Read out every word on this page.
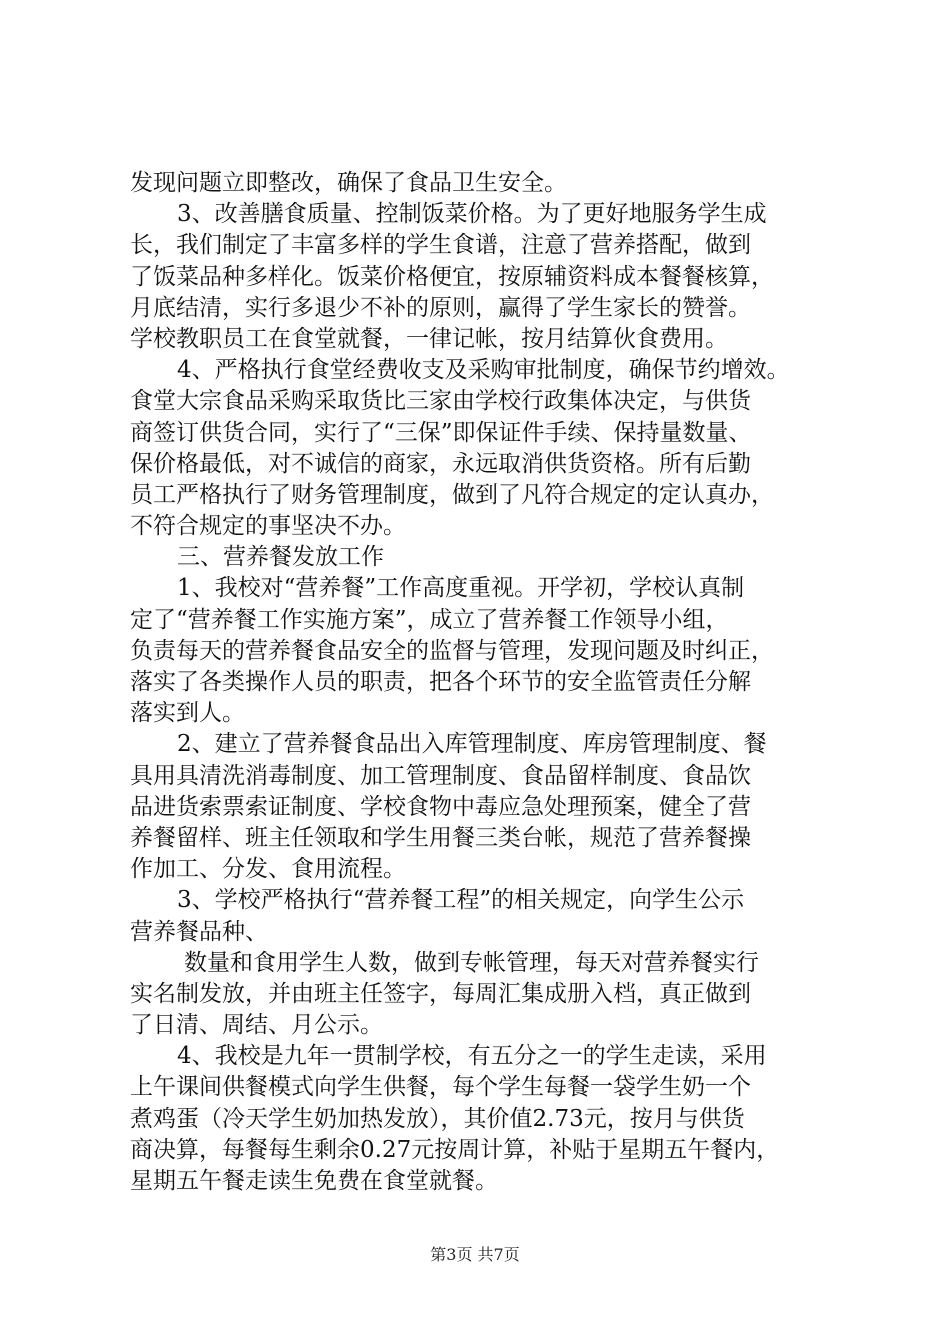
发现问题立即整改，确保了食品卫生安全。
3、改善膳食质量、控制饭菜价格。为了更好地服务学生成
长，我们制定了丰富多样的学生食谱，注意了营养搭配，做到
了饭菜品种多样化。饭菜价格便宜，按原辅资料成本餐餐核算，
月底结清，实行多退少不补的原则，赢得了学生家长的赞誉。
学校教职员工在食堂就餐，一律记帐，按月结算伙食费用。
4、严格执行食堂经费收支及采购审批制度，确保节约增效。
食堂大宗食品采购采取货比三家由学校行政集体决定，与供货
商签订供货合同，实行了“三保”即保证件手续、保持量数量、
保价格最低，对不诚信的商家，永远取消供货资格。所有后勤
员工严格执行了财务管理制度，做到了凡符合规定的定认真办，
不符合规定的事坚决不办。
三、营养餐发放工作
1、我校对“营养餐”工作高度重视。开学初，学校认真制
定了“营养餐工作实施方案”，成立了营养餐工作领导小组，
负责每天的营养餐食品安全的监督与管理，发现问题及时纠正，
落实了各类操作人员的职责，把各个环节的安全监管责任分解
落实到人。
2、建立了营养餐食品出入库管理制度、库房管理制度、餐
具用具清洗消毒制度、加工管理制度、食品留样制度、食品饮
品进货索票索证制度、学校食物中毒应急处理预案，健全了营
养餐留样、班主任领取和学生用餐三类台帐，规范了营养餐操
作加工、分发、食用流程。
3、学校严格执行“营养餐工程”的相关规定，向学生公示
营养餐品种、
数量和食用学生人数，做到专帐管理，每天对营养餐实行
实名制发放，并由班主任签字，每周汇集成册入档，真正做到
了日清、周结、月公示。
4、我校是九年一贯制学校，有五分之一的学生走读，采用
上午课间供餐模式向学生供餐，每个学生每餐一袋学生奶一个
煮鸡蛋（冷天学生奶加热发放），其价值2.73元，按月与供货
商决算，每餐每生剩余0.27元按周计算，补贴于星期五午餐内，
星期五午餐走读生免费在食堂就餐。
第3页 共7页
